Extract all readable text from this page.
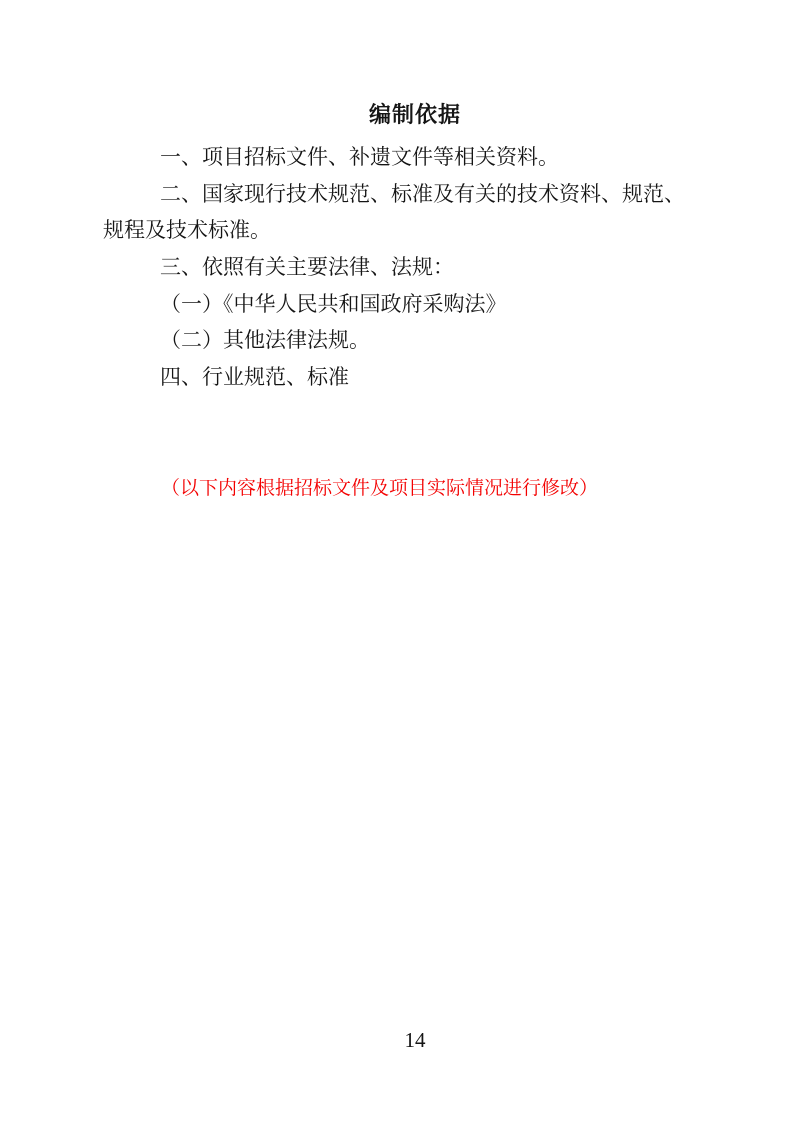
编制依据
一、项目招标文件、补遗文件等相关资料。
二、国家现行技术规范、标准及有关的技术资料、规范、
规程及技术标准。
三、依照有关主要法律、法规：
（一）《中华人民共和国政府采购法》
（二）其他法律法规。
四、行业规范、标准
（以下内容根据招标文件及项目实际情况进行修改）
14
